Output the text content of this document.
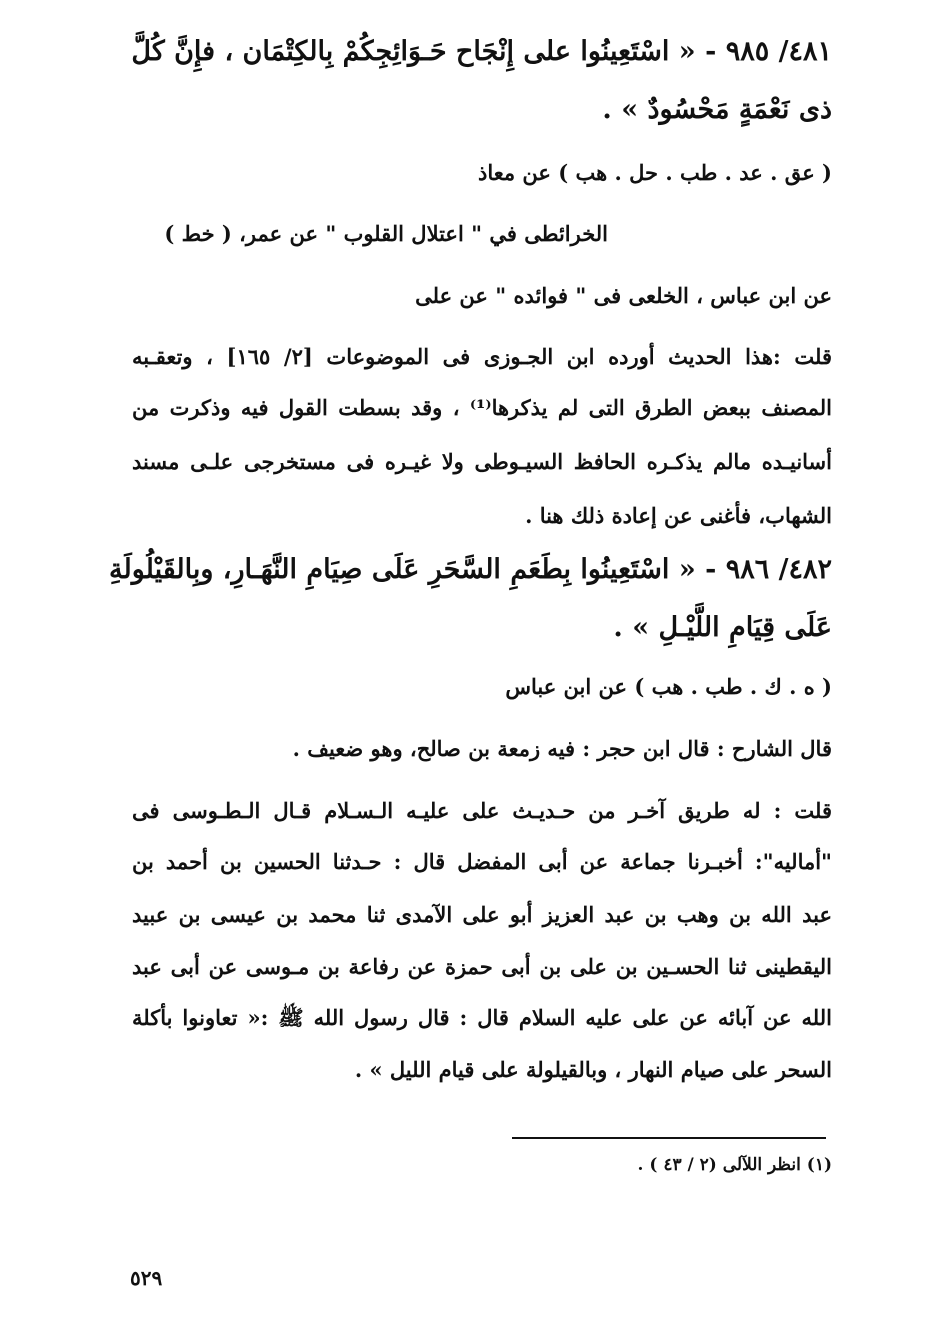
٤٨١/ ٩٨٥ - « اسْتَعِينُوا على إِنْجَاح حَـوَائِجِكُمْ بِالكِتْمَان ، فإِنَّ كُلَّ
ذى نَعْمَةٍ مَحْسُودٌ » .
( عق . عد . طب . حل . هب ) عن معاذ
الخرائطى في " اعتلال القلوب " عن عمر، ( خط )
عن ابن عباس ، الخلعى فى " فوائده " عن على
قلت :هذا الحديث أورده ابن الجـوزى فى الموضوعات [٢/ ١٦٥] ، وتعقـبه
المصنف ببعض الطرق التى لم يذكرها⁽¹⁾ ، وقد بسطت القول فيه وذكرت من
أسانيـده مالم يذكـره الحافظ السيـوطى ولا غيـره فى مستخرجى علـى مسند
الشهاب، فأغنى عن إعادة ذلك هنا .
٤٨٢/ ٩٨٦ - « اسْتَعِينُوا بِطَعَمِ السَّحَرِ عَلَى صِيَامِ النَّهَـارِ، وبِالقَيْلُولَةِ
عَلَى قِيَامِ اللَّيْـلِ » .
( ه . ك . طب . هب ) عن ابن عباس
قال الشارح : قال ابن حجر : فيه زمعة بن صالح، وهو ضعيف .
قلت : له طريق آخـر من حـديـث على عليـه الـسـلام قـال الـطـوسى فى
"أماليه": أخبـرنا جماعة عن أبى المفضل قال : حـدثنا الحسين بن أحمد بن
عبد الله بن وهب بن عبد العزيز أبو على الآمدى ثنا محمد بن عيسى بن عبيد
اليقطينى ثنا الحسـين بن على بن أبى حمزة عن رفاعة بن مـوسى عن أبى عبد
الله عن آبائه عن على عليه السلام قال : قال رسول الله ﷺ :« تعاونوا بأكلة
السحر على صيام النهار ، وبالقيلولة على قيام الليل » .
(١) انظر اللآلى (٢ / ٤٣ ) .
٥٢٩
